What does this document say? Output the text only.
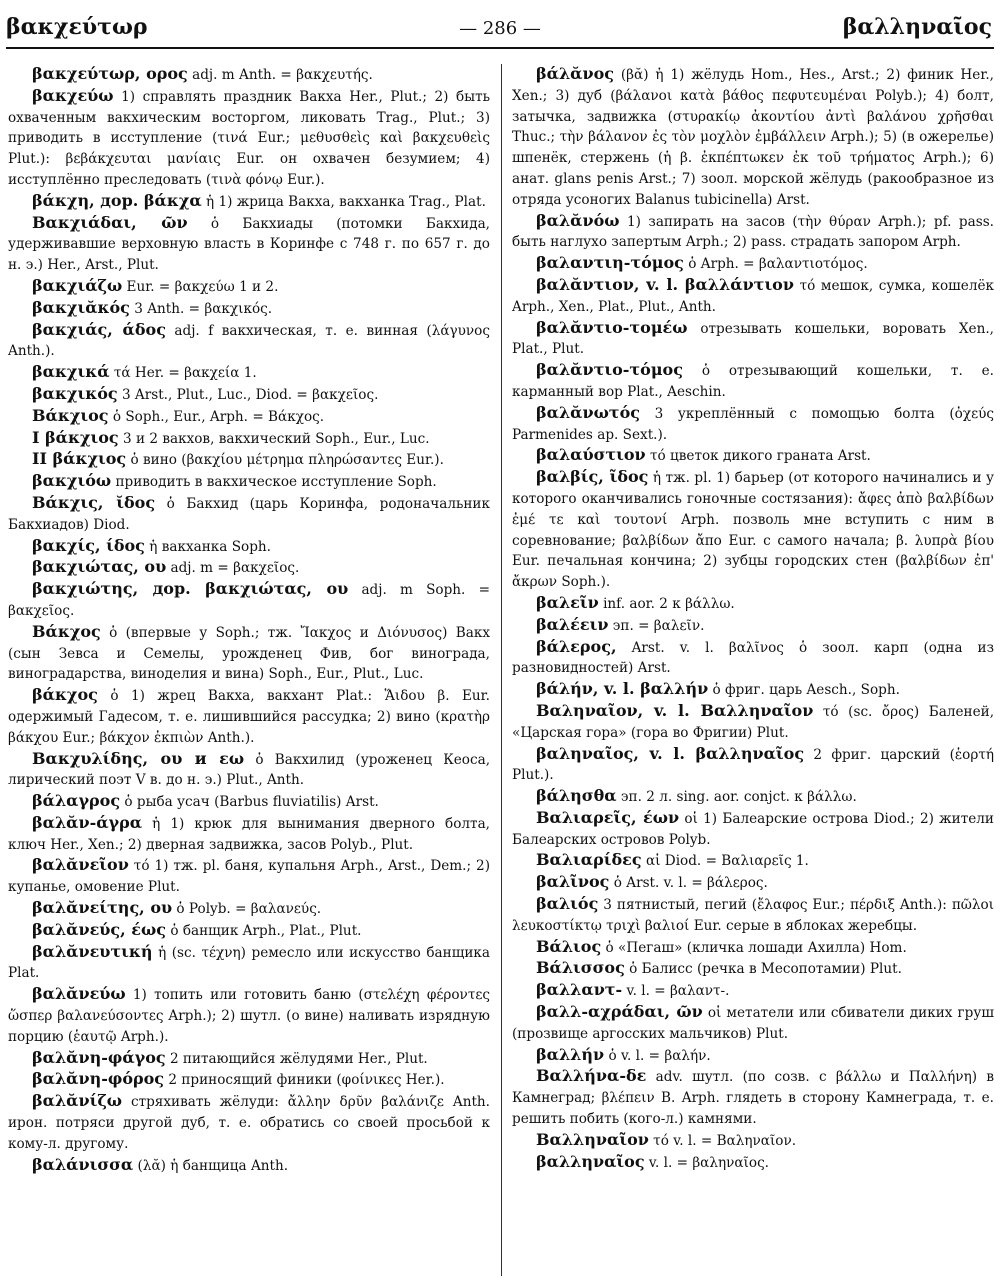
βακχεύτωρ	— 286 —	βαλληναῖος

βακχεύτωρ, ορος adj. m Anth. = βακχευτής.

βακχεύω 1) справлять праздник Вакха Her., Plut.; 2) быть охваченным вакхическим восторгом, ликовать Trag., Plut.; 3) приводить в исступление (τινά Eur.; μεθυσθεὶς καὶ βακχευθεὶς Plut.): βεβάκχευται μανίαις Eur. он охвачен безумием; 4) исступлённо преследовать (τινὰ φόνῳ Eur.).

βάκχη, дор. βάκχα ἡ 1) жрица Вакха, вакханка Trag., Plat.

Βακχιάδαι, ῶν ὁ Бакхиады (потомки Бакхида, удерживавшие верховную власть в Коринфе с 748 г. по 657 г. до н. э.) Her., Arst., Plut.

βακχιάζω Eur. = βακχεύω 1 и 2.

βακχιᾰκός 3 Anth. = βακχικός.

βακχιάς, άδος adj. f вакхическая, т. е. винная (λάγυνος Anth.).

βακχικά τά Her. = βακχεία 1.

βακχικός 3 Arst., Plut., Luc., Diod. = βακχεῖος.

Βάκχιος ὁ Soph., Eur., Arph. = Βάκχος.

I βάκχιος 3 и 2 вакхов, вакхический Soph., Eur., Luc.

II βάκχιος ὁ вино (βακχίου μέτρημα πληρώσαντες Eur.).

βακχιόω приводить в вакхическое исступление Soph.

Βάκχις, ῐδος ὁ Бакхид (царь Коринфа, родоначальник Бакхиадов) Diod.

βακχίς, ίδος ἡ вакханка Soph.

βακχιώτας, ου adj. m = βακχεῖος.

βακχιώτης, дор. βακχιώτας, ου adj. m Soph. = βακχεῖος.

Βάκχος ὁ (впервые у Soph.; тж. Ἴακχος и Διόνυσος) Вакх (сын Зевса и Семелы, урожденец Фив, бог винограда, виноградарства, виноделия и вина) Soph., Eur., Plut., Luc.

βάκχος ὁ 1) жрец Вакха, вакхант Plat.: Ἅιδου β. Eur. одержимый Гадесом, т. е. лишившийся рассудка; 2) вино (κρατὴρ βάκχου Eur.; βάκχον ἐκπιὼν Anth.).

Βακχυλίδης, ου и εω ὁ Вакхилид (уроженец Кеоса, лирический поэт V в. до н. э.) Plut., Anth.

βάλαγρος ὁ рыба усач (Barbus fluviatilis) Arst.

βαλᾰν-άγρα ἡ 1) крюк для вынимания дверного болта, ключ Her., Xen.; 2) дверная задвижка, засов Polyb., Plut.

βαλᾰνεῖον τό 1) тж. pl. баня, купальня Arph., Arst., Dem.; 2) купанье, омовение Plut.

βαλᾰνείτης, ου ὁ Polyb. = βαλανεύς.

βαλᾰνεύς, έως ὁ банщик Arph., Plat., Plut.

βαλᾰνευτική ἡ (sc. τέχνη) ремесло или искусство банщика Plat.

βαλᾰνεύω 1) топить или готовить баню (στελέχη φέροντες ὥσπερ βαλανεύσοντες Arph.); 2) шутл. (о вине) наливать изрядную порцию (ἑαυτῷ Arph.).

βαλᾰνη-φάγος 2 питающийся жёлудями Her., Plut.

βαλᾰνη-φόρος 2 приносящий финики (φοίνικες Her.).

βαλᾰνίζω стряхивать жёлуди: ἄλλην δρῦν βαλάνιζε Anth. ирон. потряси другой дуб, т. е. обратись со своей просьбой к кому-л. другому.

βαλάνισσα (λᾰ) ἡ банщица Anth.

βάλᾰνος (βᾰ) ἡ 1) жёлудь Hom., Hes., Arst.; 2) финик Her., Xen.; 3) дуб (βάλανοι κατὰ βάθος πεφυτευμέναι Polyb.); 4) болт, затычка, задвижка (στυρακίῳ ἀκοντίου ἀντὶ βαλάνου χρῆσθαι Thuc.; τὴν βάλανον ἐς τὸν μοχλὸν ἐμβάλλειν Arph.); 5) (в ожерелье) шпенёк, стержень (ἡ β. ἐκπέπτωκεν ἐκ τοῦ τρήματος Arph.); 6) анат. glans penis Arst.; 7) зоол. морской жёлудь (ракообразное из отряда усоногих Balanus tubicinella) Arst.

βαλᾰνόω 1) запирать на засов (τὴν θύραν Arph.); pf. pass. быть наглухо запертым Arph.; 2) pass. страдать запором Arph.

βαλαντιη-τόμος ὁ Arph. = βαλαντιοτόμος.

βαλᾰντιον, v. l. βαλλάντιον τό мешок, сумка, кошелёк Arph., Xen., Plat., Plut., Anth.

βαλᾰντιο-τομέω отрезывать кошельки, воровать Xen., Plat., Plut.

βαλᾰντιο-τόμος ὁ отрезывающий кошельки, т. е. карманный вор Plat., Aeschin.

βαλᾰνωτός 3 укреплённый с помощью болта (ὀχεύς Parmenides ap. Sext.).

βαλαύστιον τό цветок дикого граната Arst.

βαλβίς, ῖδος ἡ тж. pl. 1) барьер (от которого начинались и у которого оканчивались гоночные состязания): ἄφες ἀπὸ βαλβίδων ἐμέ τε καὶ τουτονί Arph. позволь мне вступить с ним в соревнование; βαλβίδων ἄπο Eur. с самого начала; β. λυπρὰ βίου Eur. печальная кончина; 2) зубцы городских стен (βαλβίδων ἐπ' ἄκρων Soph.).

βαλεῖν inf. aor. 2 к βάλλω.

βαλέειν эп. = βαλεῖν.

βάλερος, Arst. v. l. βαλῖνος ὁ зоол. карп (одна из разновидностей) Arst.

βάλήν, v. l. βαλλήν ὁ фриг. царь Aesch., Soph.

Βαληναῖον, v. l. Βαλληναῖον τό (sc. ὄρος) Баленей, «Царская гора» (гора во Фригии) Plut.

βαληναῖος, v. l. βαλληναῖος 2 фриг. царский (ἑορτή Plut.).

βάλησθα эп. 2 л. sing. aor. conjct. к βάλλω.

Βαλιαρεῖς, έων οἱ 1) Балеарские острова Diod.; 2) жители Балеарских островов Polyb.

Βαλιαρίδες αἱ Diod. = Βαλιαρεῖς 1.

βαλῖνος ὁ Arst. v. l. = βάλερος.

βαλιός 3 пятнистый, пегий (ἔλαφος Eur.; πέρδιξ Anth.): πῶλοι λευκοστίκτῳ τριχὶ βαλιοί Eur. серые в яблоках жеребцы.

Βάλιος ὁ «Пегаш» (кличка лошади Ахилла) Hom.

Βάλισσος ὁ Балисс (речка в Месопотамии) Plut.

βαλλαντ- v. l. = βαλαντ-.

βαλλ-αχράδαι, ῶν οἱ метатели или сбиватели диких груш (прозвище аргосских мальчиков) Plut.

βαλλήν ὁ v. l. = βαλήν.

Βαλλήνα-δε adv. шутл. (по созв. с βάλλω и Παλλήνη) в Камнеград; βλέπειν Β. Arph. глядеть в сторону Камнеграда, т. е. решить побить (кого-л.) камнями.

Βαλληναῖον τό v. l. = Βαληναῖον.

βαλληναῖος v. l. = βαληναῖος.
